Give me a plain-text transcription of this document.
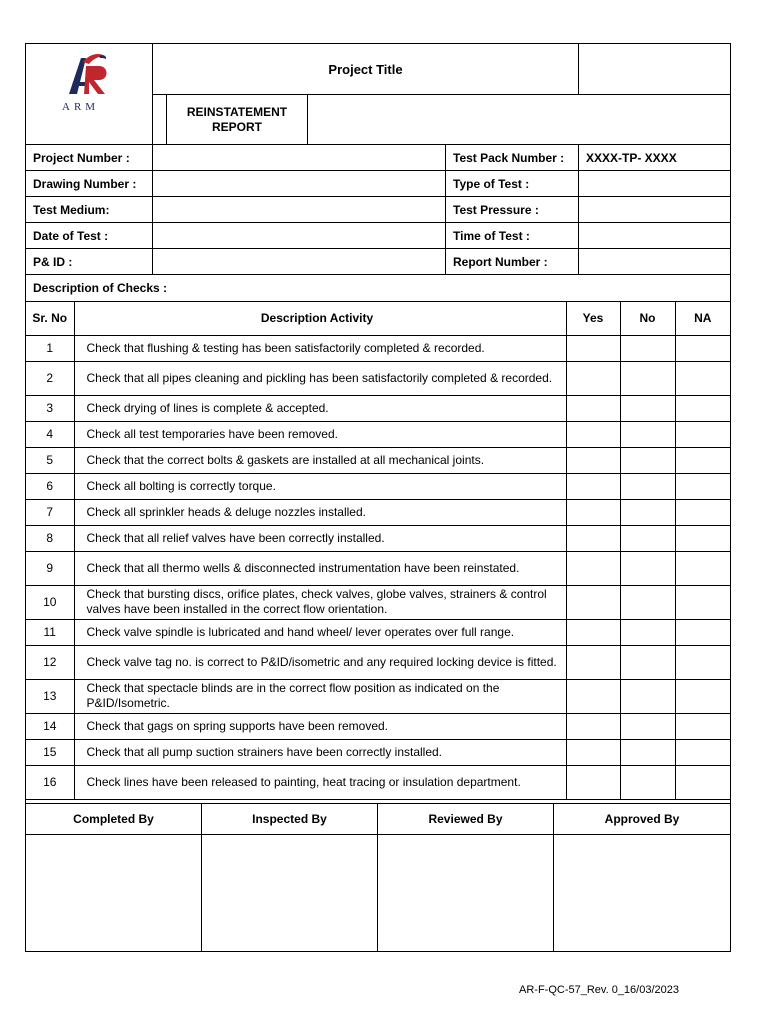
ARM
Project Title
REINSTATEMENT REPORT
Project Number :	Test Pack Number :	XXXX-TP- XXXX
Drawing Number :	Type of Test :
Test Medium:	Test Pressure :
Date of Test :	Time of Test :
P& ID :	Report Number :
Description of Checks :
Sr. No	Description Activity	Yes	No	NA
1	Check that flushing & testing has been satisfactorily completed & recorded.			
2	Check that all pipes cleaning and pickling has been satisfactorily completed & recorded.			
3	Check drying of lines is complete & accepted.			
4	Check all test temporaries have been removed.			
5	Check that the correct bolts & gaskets are installed at all mechanical joints.			
6	Check all bolting is correctly torque.			
7	Check all sprinkler heads & deluge nozzles installed.			
8	Check that all relief valves have been correctly installed.			
9	Check that all thermo wells & disconnected instrumentation have been reinstated.			
10	Check that bursting discs, orifice plates, check valves, globe valves, strainers & control valves have been installed in the correct flow orientation.			
11	Check valve spindle is lubricated and hand wheel/ lever operates over full range.			
12	Check valve tag no. is correct to P&ID/isometric and any required locking device is fitted.			
13	Check that spectacle blinds are in the correct flow position as indicated on the P&ID/Isometric.			
14	Check that gags on spring supports have been removed.			
15	Check that all pump suction strainers have been correctly installed.			
16	Check lines have been released to painting, heat tracing or insulation department.			
Completed By	Inspected By	Reviewed By	Approved By
AR-F-QC-57_Rev. 0_16/03/2023
